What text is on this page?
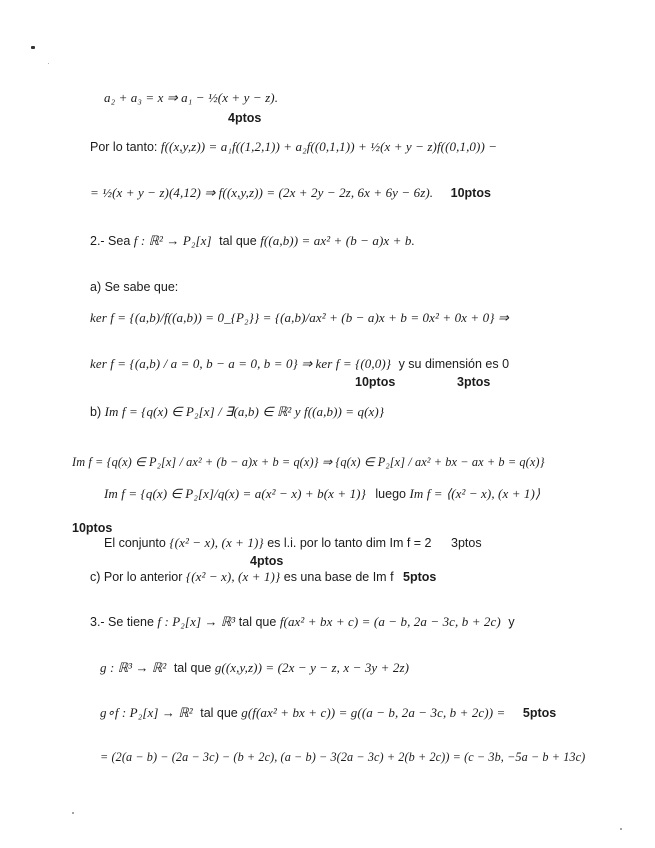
a₂ + a₃ = x ⇒ a₁ − ½(x + y − z).
4ptos
Por lo tanto: f((x,y,z)) = a₁f((1,2,1)) + a₂f((0,1,1)) + ½(x + y − z)f((0,1,0)) −
= ½(x + y − z)(4,12) ⇒ f((x,y,z)) = (2x + 2y − 2z, 6x + 6y − 6z). 10ptos
2.- Sea f : ℝ² → P₂[x] tal que f((a,b)) = ax² + (b − a)x + b.
a) Se sabe que:
ker f = {(a,b)/f((a,b)) = 0_{P₂}} = {(a,b)/ax² + (b − a)x + b = 0x² + 0x + 0} ⇒
ker f = {(a,b) / a = 0, b − a = 0, b = 0} ⇒ ker f = {(0,0)} y su dimensión es 0
10ptos	3ptos
b) Im f = {q(x) ∈ P₂[x] / ∃(a,b) ∈ ℝ² y f((a,b)) = q(x)}
Im f = {q(x) ∈ P₂[x] / ax² + (b − a)x + b = q(x)} ⇒ {q(x) ∈ P₂[x] / ax² + bx − ax + b = q(x)}
Im f = {q(x) ∈ P₂[x]/q(x) = a(x² − x) + b(x + 1)} luego Im f = ⟨(x² − x), (x + 1)⟩
10ptos
El conjunto {(x² − x), (x + 1)} es l.i. por lo tanto dim Im f = 2 3ptos
4ptos
c) Por lo anterior {(x² − x), (x + 1)} es una base de Im f 5ptos
3.- Se tiene f : P₂[x] → ℝ³ tal que f(ax² + bx + c) = (a − b, 2a − 3c, b + 2c) y
g : ℝ³ → ℝ² tal que g((x,y,z)) = (2x − y − z, x − 3y + 2z)
g∘f : P₂[x] → ℝ² tal que g(f(ax² + bx + c)) = g((a − b, 2a − 3c, b + 2c)) = 5ptos
= (2(a − b) − (2a − 3c) − (b + 2c), (a − b) − 3(2a − 3c) + 2(b + 2c)) = (c − 3b, −5a − b + 13c)
